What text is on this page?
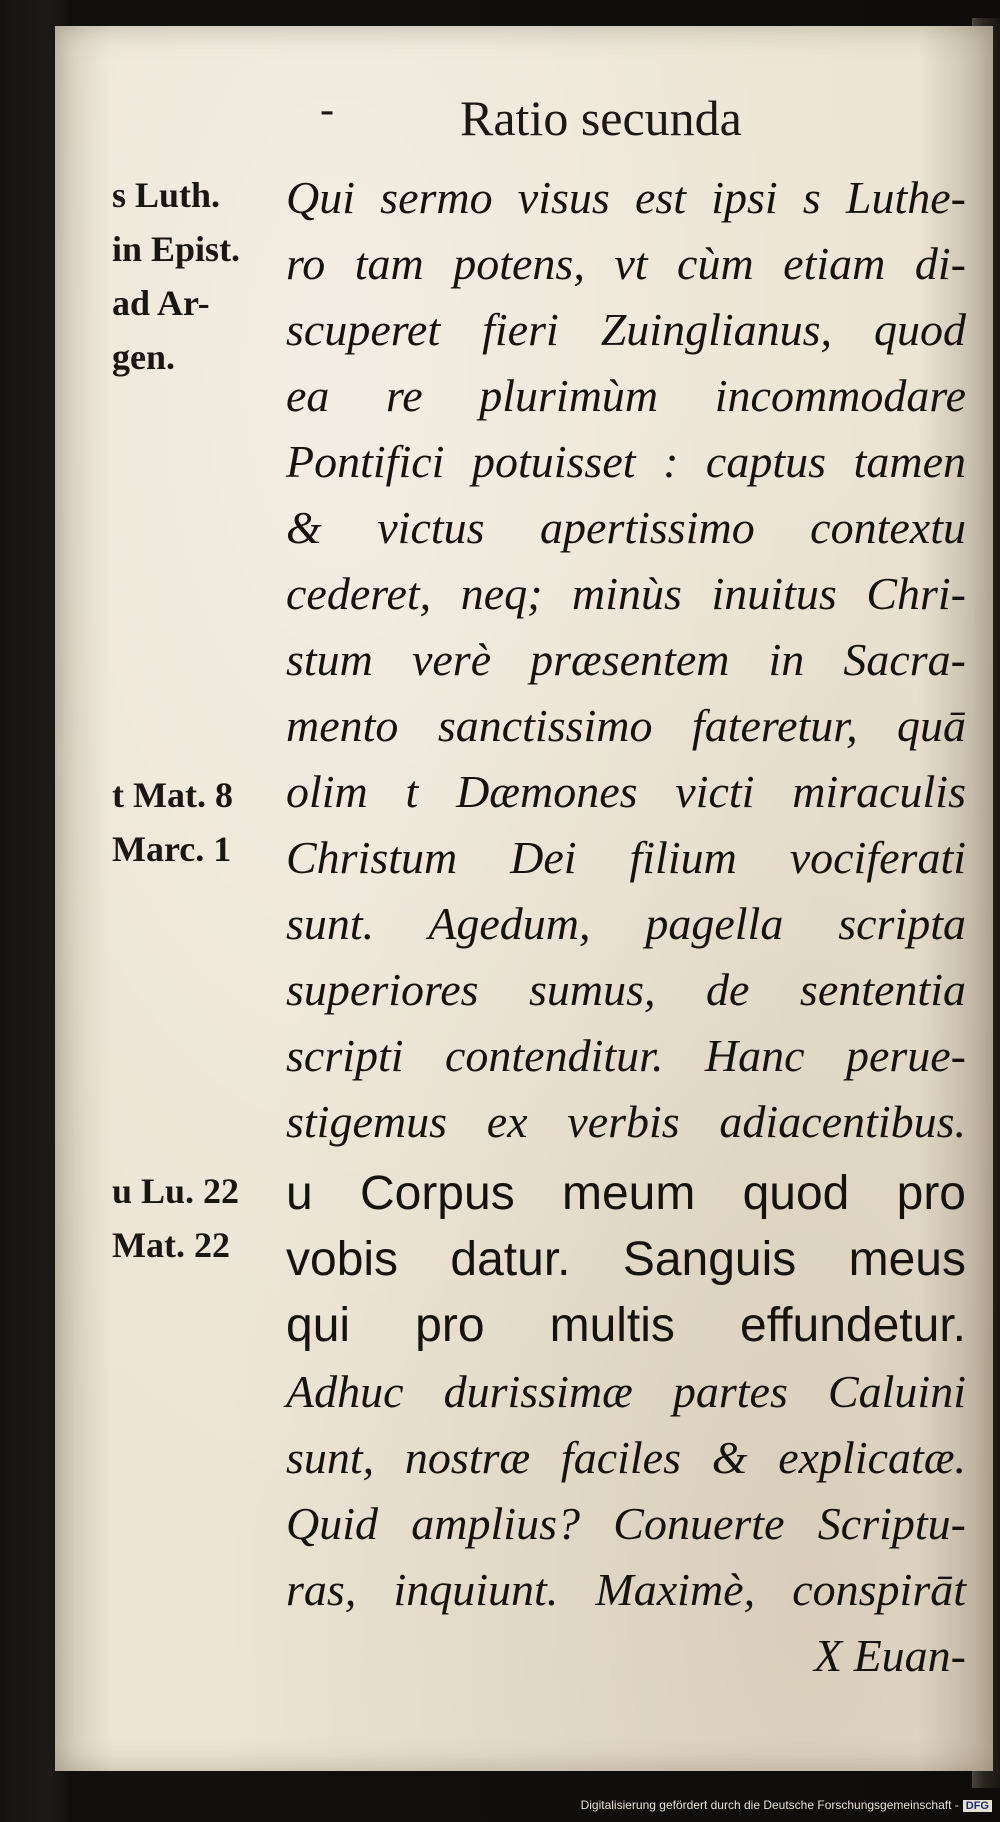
-	Ratio secunda
s Luth.
in Epist.
ad Ar-
gen.
t Mat. 8
Marc. 1
u Lu. 22
Mat. 22
Qui sermo visus est ipsi s Luthe-
ro tam potens, vt cùm etiam di-
scuperet fieri Zuinglianus, quod
ea re plurimùm incommodare
Pontifici potuisset : captus tamen
& victus apertissimo contextu
cederet, neq; minùs inuitus Chri-
stum verè præsentem in Sacra-
mento sanctissimo fateretur, quā
olim t Dæmones victi miraculis
Christum Dei filium vociferati
sunt. Agedum, pagella scripta
superiores sumus, de sententia
scripti contenditur. Hanc perue-
stigemus ex verbis adiacentibus.
u Corpus meum quod pro
vobis datur. Sanguis meus
qui pro multis effundetur.
Adhuc durissimæ partes Caluini
sunt, nostræ faciles & explicatæ.
Quid amplius? Conuerte Scriptu-
ras, inquiunt. Maximè, conspirāt
X Euan-
Digitalisierung gefördert durch die Deutsche Forschungsgemeinschaft - DFG
